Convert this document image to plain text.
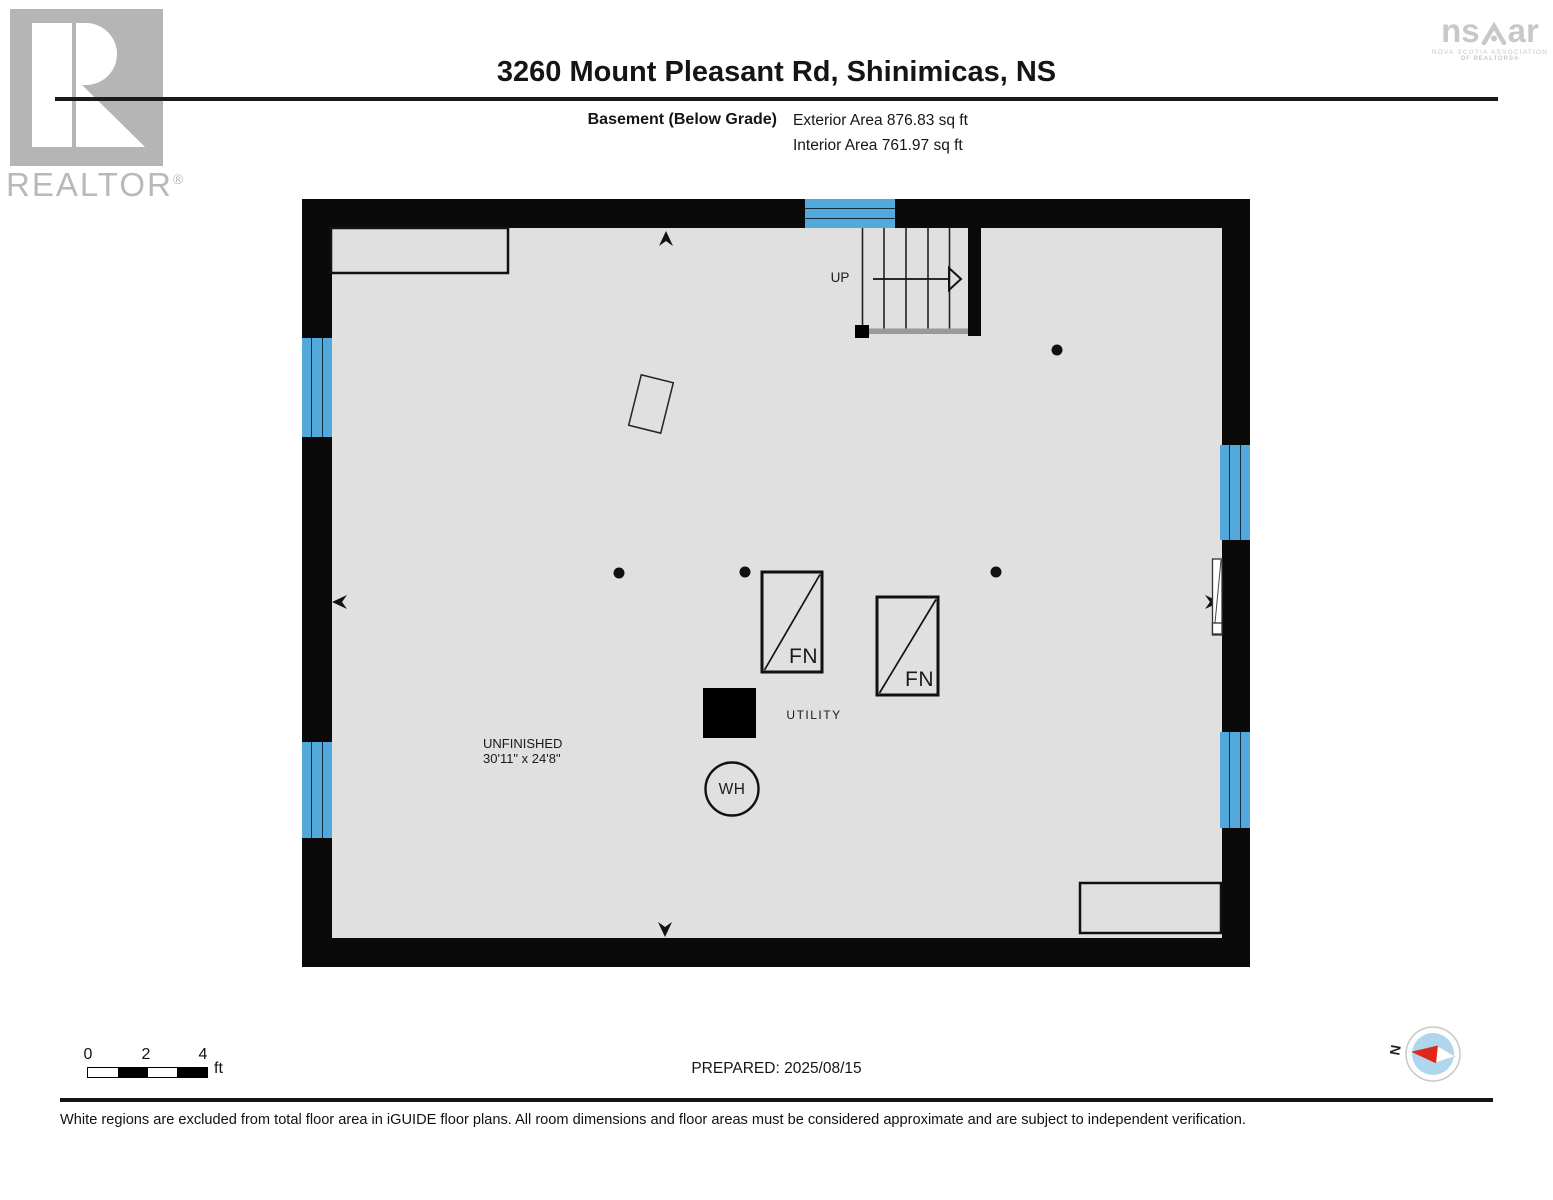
REALTOR®
ns ar
NOVA SCOTIA ASSOCIATION
OF REALTORS®
3260 Mount Pleasant Rd, Shinimicas, NS
Basement (Below Grade) Exterior Area 876.83 sq ft
Interior Area 761.97 sq ft
UP
FN
FN
UTILITY
WH
UNFINISHED
30'11" x 24'8"
0	2	4
ft	PREPARED: 2025/08/15
N
White regions are excluded from total floor area in iGUIDE floor plans. All room dimensions and floor areas must be considered approximate and are subject to independent verification.
